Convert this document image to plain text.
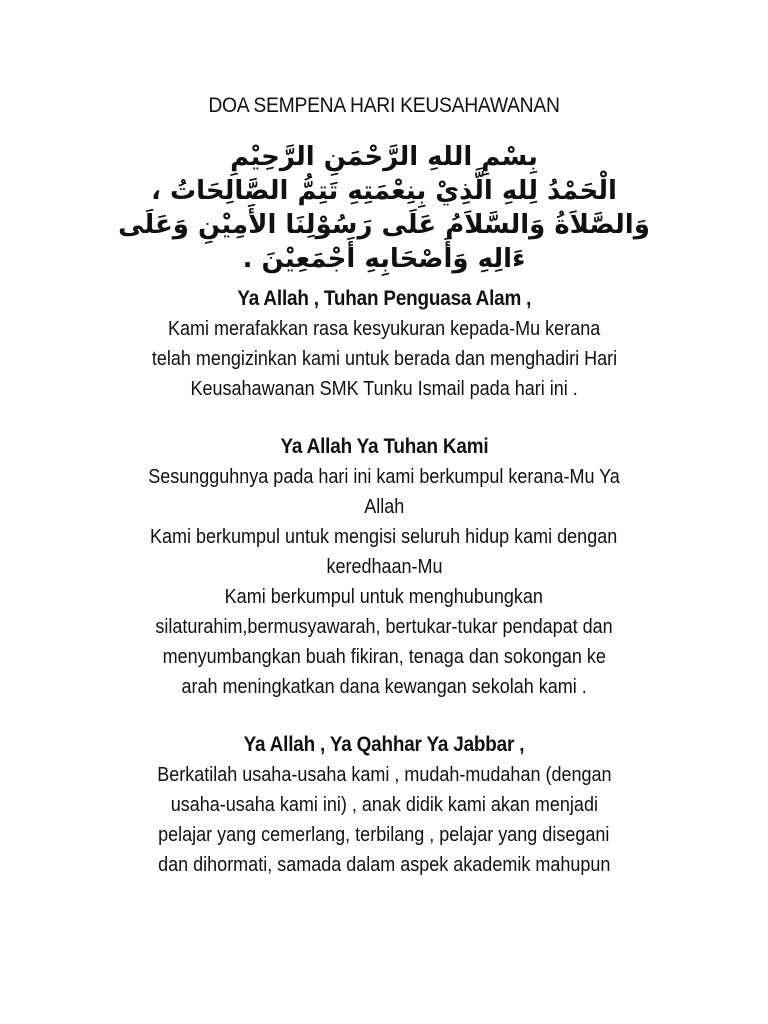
DOA SEMPENA HARI KEUSAHAWANAN
بِسْمِ اللهِ الرَّحْمَنِ الرَّحِيْمِ
الْحَمْدُ لِلهِ الَّذِيْ بِنِعْمَتِهِ تَتِمُّ الصَّالِحَاتُ ،
وَالصَّلاَةُ وَالسَّلاَمُ عَلَى رَسُوْلِنَا الأَمِيْنِ وَعَلَى
ءَالِهِ وَأَصْحَابِهِ أَجْمَعِيْنَ .

Ya Allah , Tuhan Penguasa Alam ,

Kami merafakkan rasa kesyukuran kepada-Mu kerana

telah mengizinkan kami untuk berada dan menghadiri Hari

Keusahawanan SMK Tunku Ismail pada hari ini .

Ya Allah Ya Tuhan Kami

Sesungguhnya pada hari ini kami berkumpul kerana-Mu Ya

Allah

Kami berkumpul untuk mengisi seluruh hidup kami dengan

keredhaan-Mu

Kami berkumpul untuk menghubungkan

silaturahim,bermusyawarah, bertukar-tukar pendapat dan

menyumbangkan buah fikiran, tenaga dan sokongan ke

arah meningkatkan dana kewangan sekolah kami .

Ya Allah , Ya Qahhar Ya Jabbar ,

Berkatilah usaha-usaha kami , mudah-mudahan (dengan

usaha-usaha kami ini) , anak didik kami akan menjadi

pelajar yang cemerlang, terbilang , pelajar yang disegani

dan dihormati, samada dalam aspek akademik mahupun
